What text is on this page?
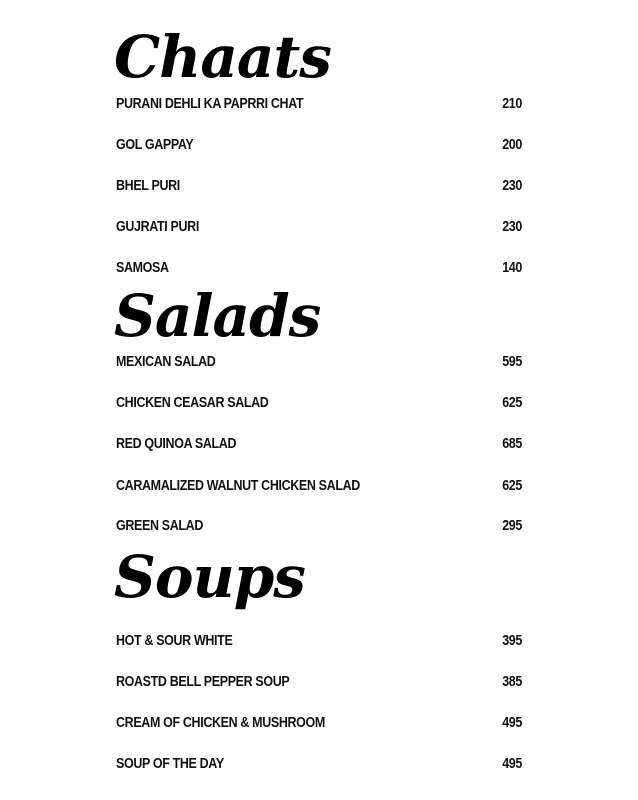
Chaats
PURANI DEHLI KA PAPRRI CHAT	210
GOL GAPPAY	200
BHEL PURI	230
GUJRATI PURI	230
SAMOSA	140
Salads
MEXICAN SALAD	595
CHICKEN CEASAR SALAD	625
RED QUINOA SALAD	685
CARAMALIZED WALNUT CHICKEN SALAD	625
GREEN SALAD	295
Soups
HOT & SOUR WHITE	395
ROASTD BELL PEPPER SOUP	385
CREAM OF CHICKEN & MUSHROOM	495
SOUP OF THE DAY	495
